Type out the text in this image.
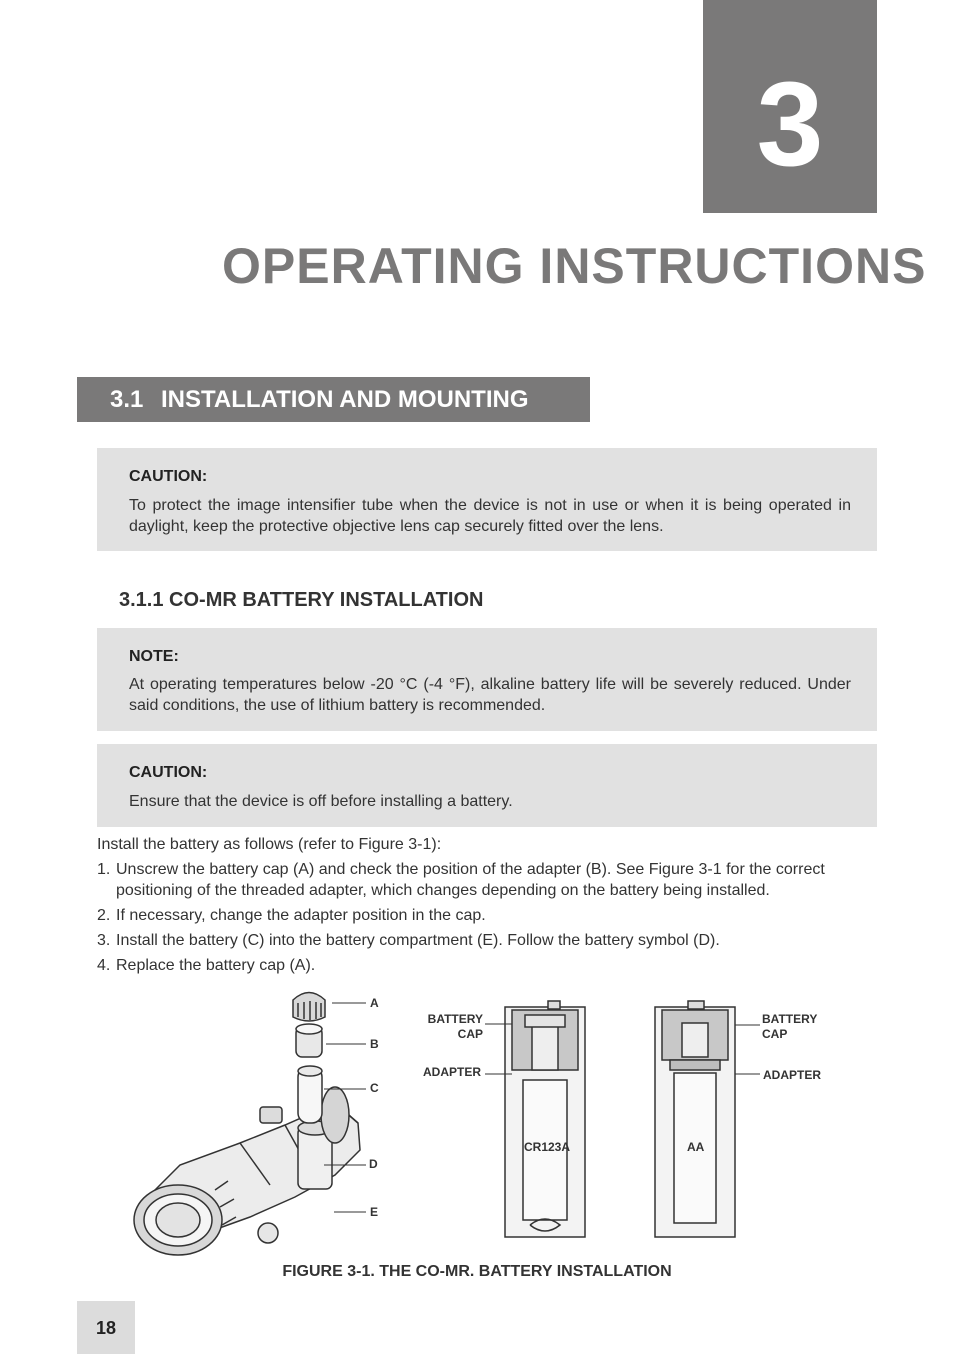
3
OPERATING INSTRUCTIONS
3.1 INSTALLATION AND MOUNTING
CAUTION:
To protect the image intensifier tube when the device is not in use or when it is being operated in daylight, keep the protective objective lens cap securely fitted over the lens.
3.1.1 CO-MR BATTERY INSTALLATION
NOTE:
At operating temperatures below -20 °C (-4 °F), alkaline battery life will be severely reduced. Under said conditions, the use of lithium battery is recommended.
CAUTION:
Ensure that the device is off before installing a battery.
Install the battery as follows (refer to Figure 3-1):
1. Unscrew the battery cap (A) and check the position of the adapter (B). See Figure 3-1 for the correct positioning of the threaded adapter, which changes depending on the battery being installed.
2. If necessary, change the adapter position in the cap.
3. Install the battery (C) into the battery compartment (E). Follow the battery symbol (D).
4. Replace the battery cap (A).
A
B
C
D
E
BATTERY
CAP
ADAPTER
CR123A
BATTERY
CAP
ADAPTER
AA
FIGURE 3-1. THE CO-MR. BATTERY INSTALLATION
18
